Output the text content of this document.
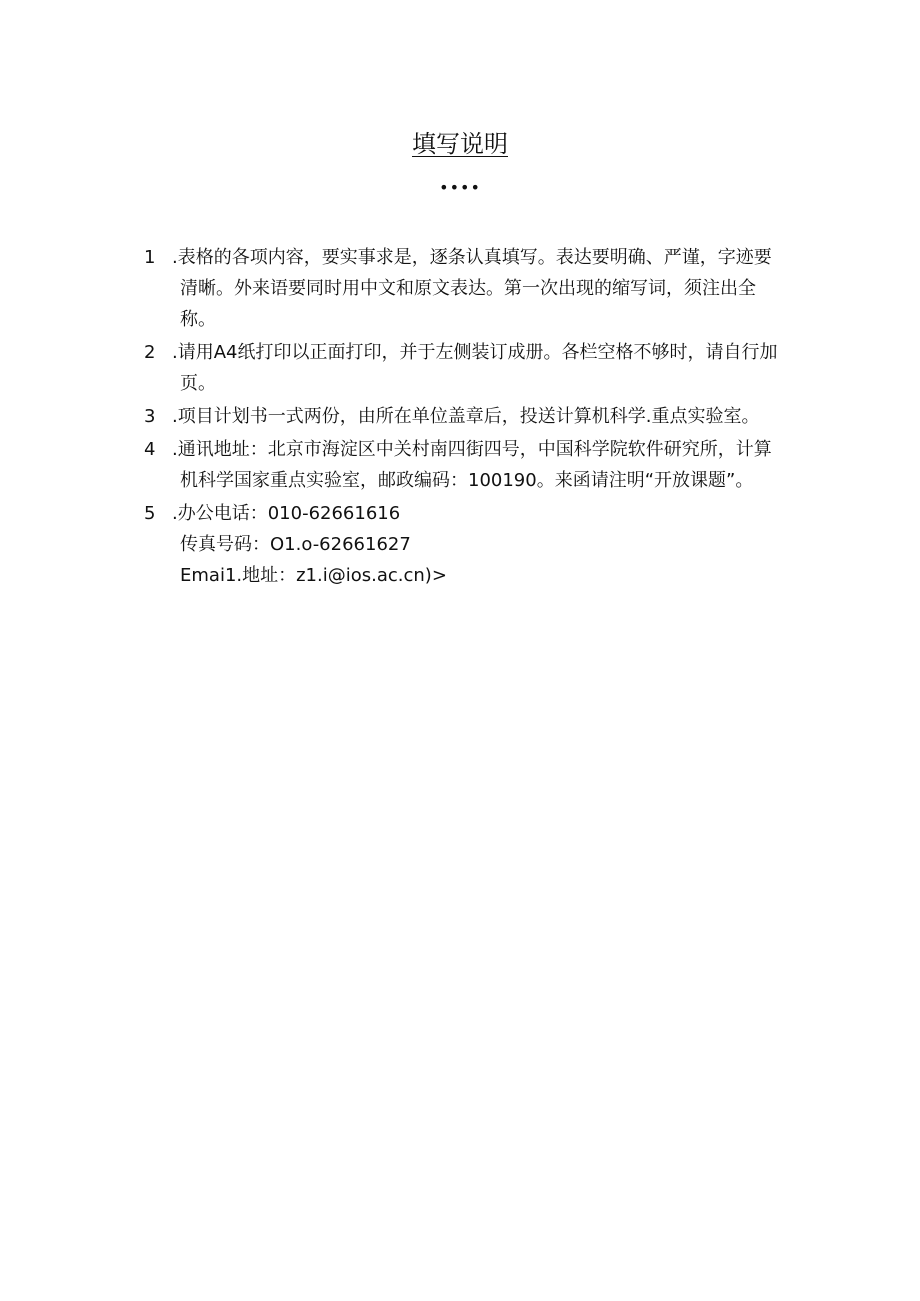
填写说明
••••
1 .表格的各项内容，要实事求是，逐条认真填写。表达要明确、严谨，字迹要
清晰。外来语要同时用中文和原文表达。第一次出现的缩写词，须注出全
称。
2 .请用A4纸打印以正面打印，并于左侧装订成册。各栏空格不够时，请自行加
页。
3 .项目计划书一式两份，由所在单位盖章后，投送计算机科学.重点实验室。
4 .通讯地址：北京市海淀区中关村南四街四号，中国科学院软件研究所，计算
机科学国家重点实验室，邮政编码：100190。来函请注明“开放课题”。
5 .办公电话：010-62661616
传真号码：O1.o-62661627
Emai1.地址：z1.i@ios.ac.cn)>
